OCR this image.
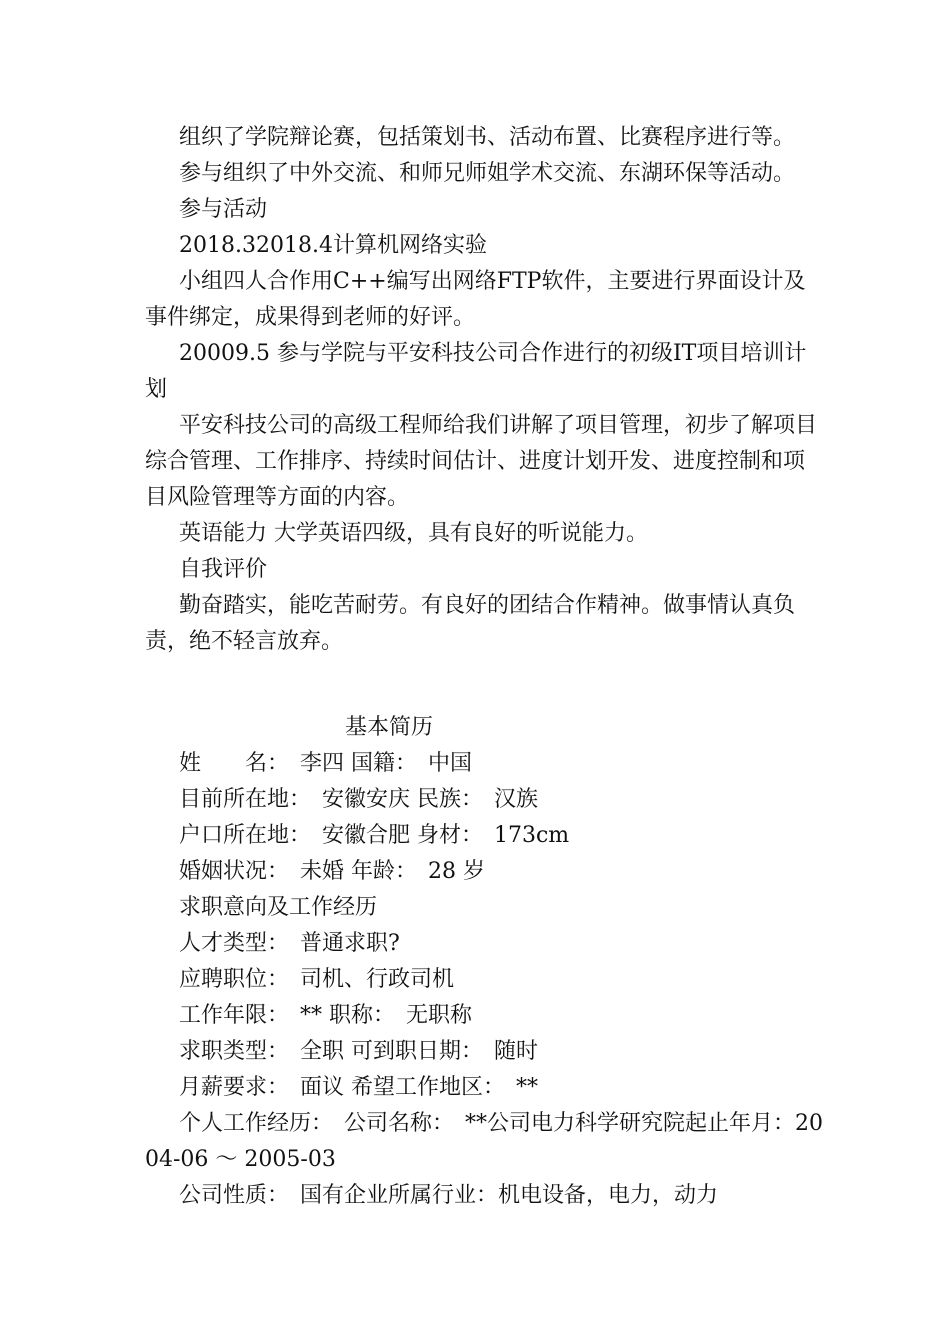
组织了学院辩论赛，包括策划书、活动布置、比赛程序进行等。

参与组织了中外交流、和师兄师姐学术交流、东湖环保等活动。

参与活动

2018.32018.4计算机网络实验

小组四人合作用C++编写出网络FTP软件，主要进行界面设计及事件绑定，成果得到老师的好评。

20009.5 参与学院与平安科技公司合作进行的初级IT项目培训计划

平安科技公司的高级工程师给我们讲解了项目管理，初步了解项目综合管理、工作排序、持续时间估计、进度计划开发、进度控制和项目风险管理等方面的内容。

英语能力 大学英语四级，具有良好的听说能力。

自我评价

勤奋踏实，能吃苦耐劳。有良好的团结合作精神。做事情认真负责，绝不轻言放弃。

基本简历

姓　　名：　李四 国籍：　中国

目前所在地：　安徽安庆 民族：　汉族

户口所在地：　安徽合肥 身材：　173cm

婚姻状况：　未婚 年龄：　28 岁

求职意向及工作经历

人才类型：　普通求职?

应聘职位：　司机、行政司机

工作年限：　** 职称：　无职称

求职类型：　全职 可到职日期：　随时

月薪要求：　面议 希望工作地区：　**

个人工作经历：　公司名称：　**公司电力科学研究院起止年月：2004-06 ～ 2005-03

公司性质：　国有企业所属行业：机电设备，电力，动力
